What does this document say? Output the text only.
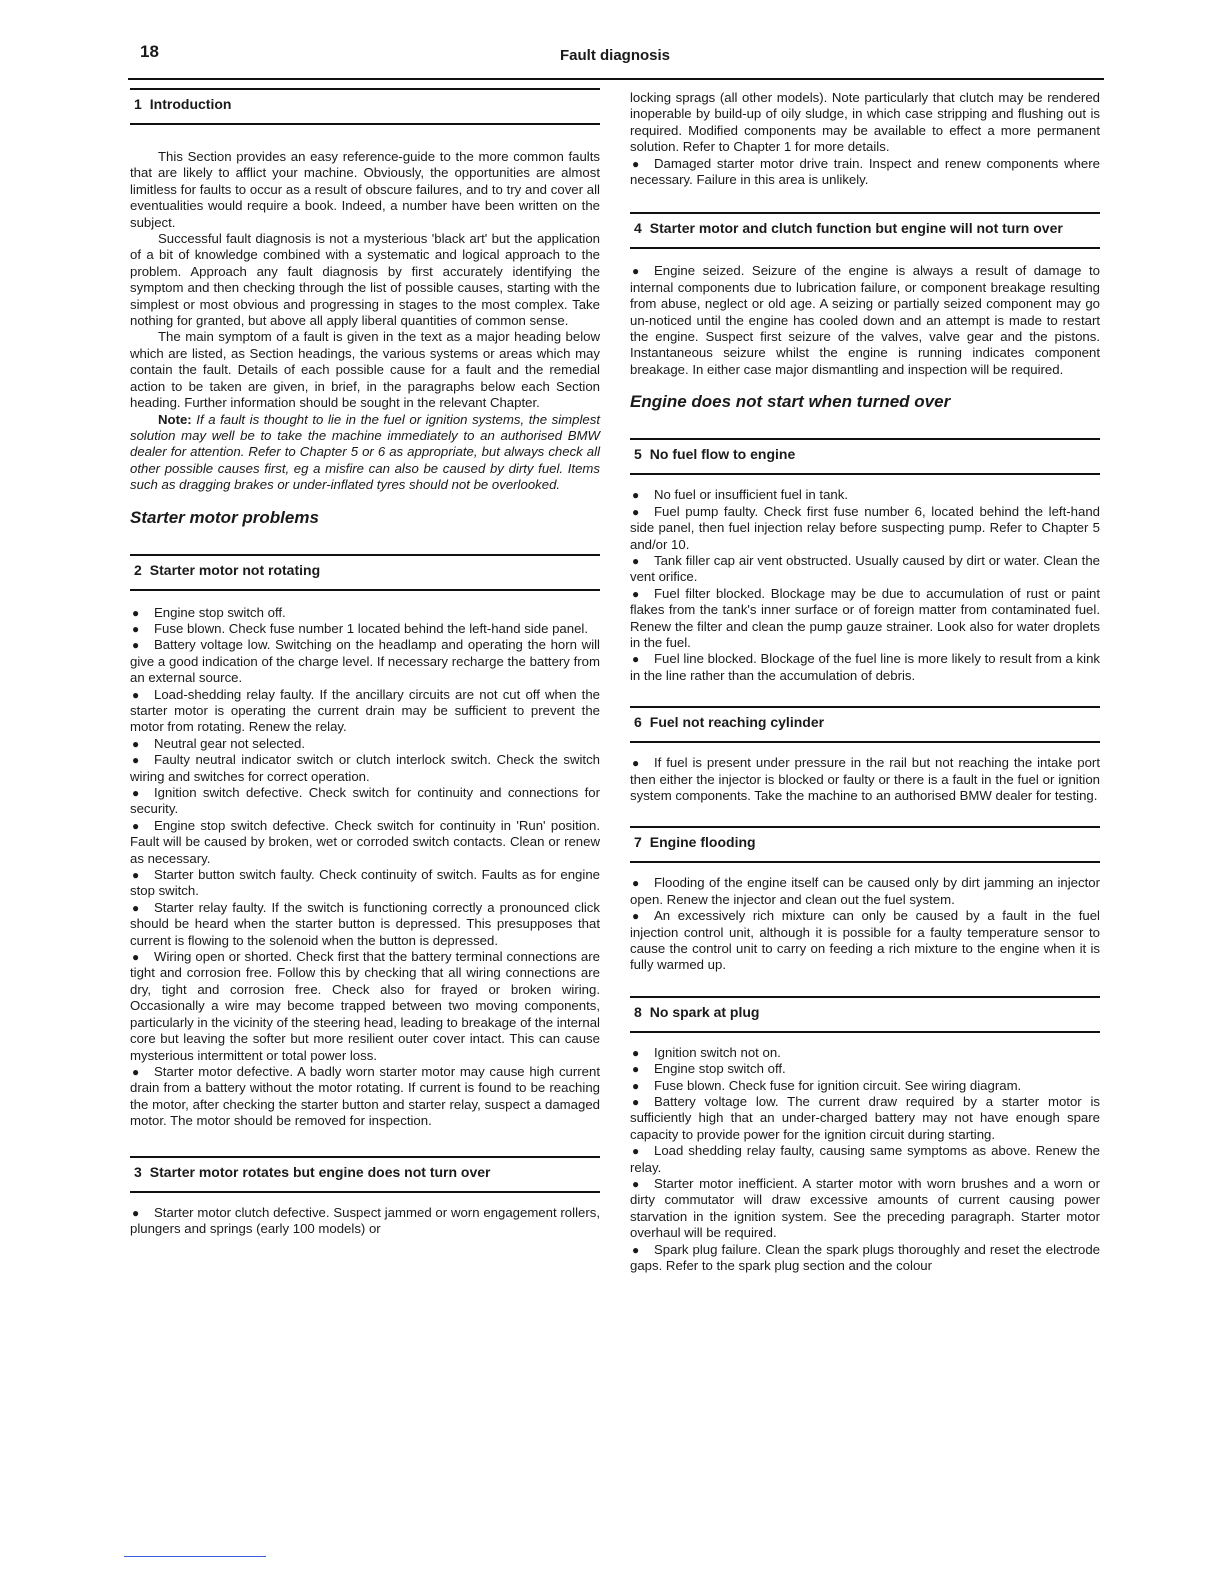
18	Fault diagnosis
1 Introduction

This Section provides an easy reference-guide to the more common faults that are likely to afflict your machine. Obviously, the opportunities are almost limitless for faults to occur as a result of obscure failures, and to try and cover all eventualities would require a book. Indeed, a number have been written on the subject.

Successful fault diagnosis is not a mysterious 'black art' but the application of a bit of knowledge combined with a systematic and logical approach to the problem. Approach any fault diagnosis by first accurately identifying the symptom and then checking through the list of possible causes, starting with the simplest or most obvious and progressing in stages to the most complex. Take nothing for granted, but above all apply liberal quantities of common sense.

The main symptom of a fault is given in the text as a major heading below which are listed, as Section headings, the various systems or areas which may contain the fault. Details of each possible cause for a fault and the remedial action to be taken are given, in brief, in the paragraphs below each Section heading. Further information should be sought in the relevant Chapter.

Note: If a fault is thought to lie in the fuel or ignition systems, the simplest solution may well be to take the machine immediately to an authorised BMW dealer for attention. Refer to Chapter 5 or 6 as appropriate, but always check all other possible causes first, eg a misfire can also be caused by dirty fuel. Items such as dragging brakes or under-inflated tyres should not be overlooked.

Starter motor problems
2 Starter motor not rotating

● Engine stop switch off.

● Fuse blown. Check fuse number 1 located behind the left-hand side panel.

● Battery voltage low. Switching on the headlamp and operating the horn will give a good indication of the charge level. If necessary recharge the battery from an external source.

● Load-shedding relay faulty. If the ancillary circuits are not cut off when the starter motor is operating the current drain may be sufficient to prevent the motor from rotating. Renew the relay.

● Neutral gear not selected.

● Faulty neutral indicator switch or clutch interlock switch. Check the switch wiring and switches for correct operation.

● Ignition switch defective. Check switch for continuity and connections for security.

● Engine stop switch defective. Check switch for continuity in 'Run' position. Fault will be caused by broken, wet or corroded switch contacts. Clean or renew as necessary.

● Starter button switch faulty. Check continuity of switch. Faults as for engine stop switch.

● Starter relay faulty. If the switch is functioning correctly a pronounced click should be heard when the starter button is depressed. This presupposes that current is flowing to the solenoid when the button is depressed.

● Wiring open or shorted. Check first that the battery terminal connections are tight and corrosion free. Follow this by checking that all wiring connections are dry, tight and corrosion free. Check also for frayed or broken wiring. Occasionally a wire may become trapped between two moving components, particularly in the vicinity of the steering head, leading to breakage of the internal core but leaving the softer but more resilient outer cover intact. This can cause mysterious intermittent or total power loss.

● Starter motor defective. A badly worn starter motor may cause high current drain from a battery without the motor rotating. If current is found to be reaching the motor, after checking the starter button and starter relay, suspect a damaged motor. The motor should be removed for inspection.

3 Starter motor rotates but engine does not turn over

● Starter motor clutch defective. Suspect jammed or worn engagement rollers, plungers and springs (early 100 models) or

locking sprags (all other models). Note particularly that clutch may be rendered inoperable by build-up of oily sludge, in which case stripping and flushing out is required. Modified components may be available to effect a more permanent solution. Refer to Chapter 1 for more details.

● Damaged starter motor drive train. Inspect and renew components where necessary. Failure in this area is unlikely.

4 Starter motor and clutch function but engine will not turn over

● Engine seized. Seizure of the engine is always a result of damage to internal components due to lubrication failure, or component breakage resulting from abuse, neglect or old age. A seizing or partially seized component may go un-noticed until the engine has cooled down and an attempt is made to restart the engine. Suspect first seizure of the valves, valve gear and the pistons. Instantaneous seizure whilst the engine is running indicates component breakage. In either case major dismantling and inspection will be required.

Engine does not start when turned over
5 No fuel flow to engine

● No fuel or insufficient fuel in tank.

● Fuel pump faulty. Check first fuse number 6, located behind the left-hand side panel, then fuel injection relay before suspecting pump. Refer to Chapter 5 and/or 10.

● Tank filler cap air vent obstructed. Usually caused by dirt or water. Clean the vent orifice.

● Fuel filter blocked. Blockage may be due to accumulation of rust or paint flakes from the tank's inner surface or of foreign matter from contaminated fuel. Renew the filter and clean the pump gauze strainer. Look also for water droplets in the fuel.

● Fuel line blocked. Blockage of the fuel line is more likely to result from a kink in the line rather than the accumulation of debris.

6 Fuel not reaching cylinder

● If fuel is present under pressure in the rail but not reaching the intake port then either the injector is blocked or faulty or there is a fault in the fuel or ignition system components. Take the machine to an authorised BMW dealer for testing.

7 Engine flooding

● Flooding of the engine itself can be caused only by dirt jamming an injector open. Renew the injector and clean out the fuel system.

● An excessively rich mixture can only be caused by a fault in the fuel injection control unit, although it is possible for a faulty temperature sensor to cause the control unit to carry on feeding a rich mixture to the engine when it is fully warmed up.

8 No spark at plug

● Ignition switch not on.

● Engine stop switch off.

● Fuse blown. Check fuse for ignition circuit. See wiring diagram.

● Battery voltage low. The current draw required by a starter motor is sufficiently high that an under-charged battery may not have enough spare capacity to provide power for the ignition circuit during starting.

● Load shedding relay faulty, causing same symptoms as above. Renew the relay.

● Starter motor inefficient. A starter motor with worn brushes and a worn or dirty commutator will draw excessive amounts of current causing power starvation in the ignition system. See the preceding paragraph. Starter motor overhaul will be required.

● Spark plug failure. Clean the spark plugs thoroughly and reset the electrode gaps. Refer to the spark plug section and the colour
